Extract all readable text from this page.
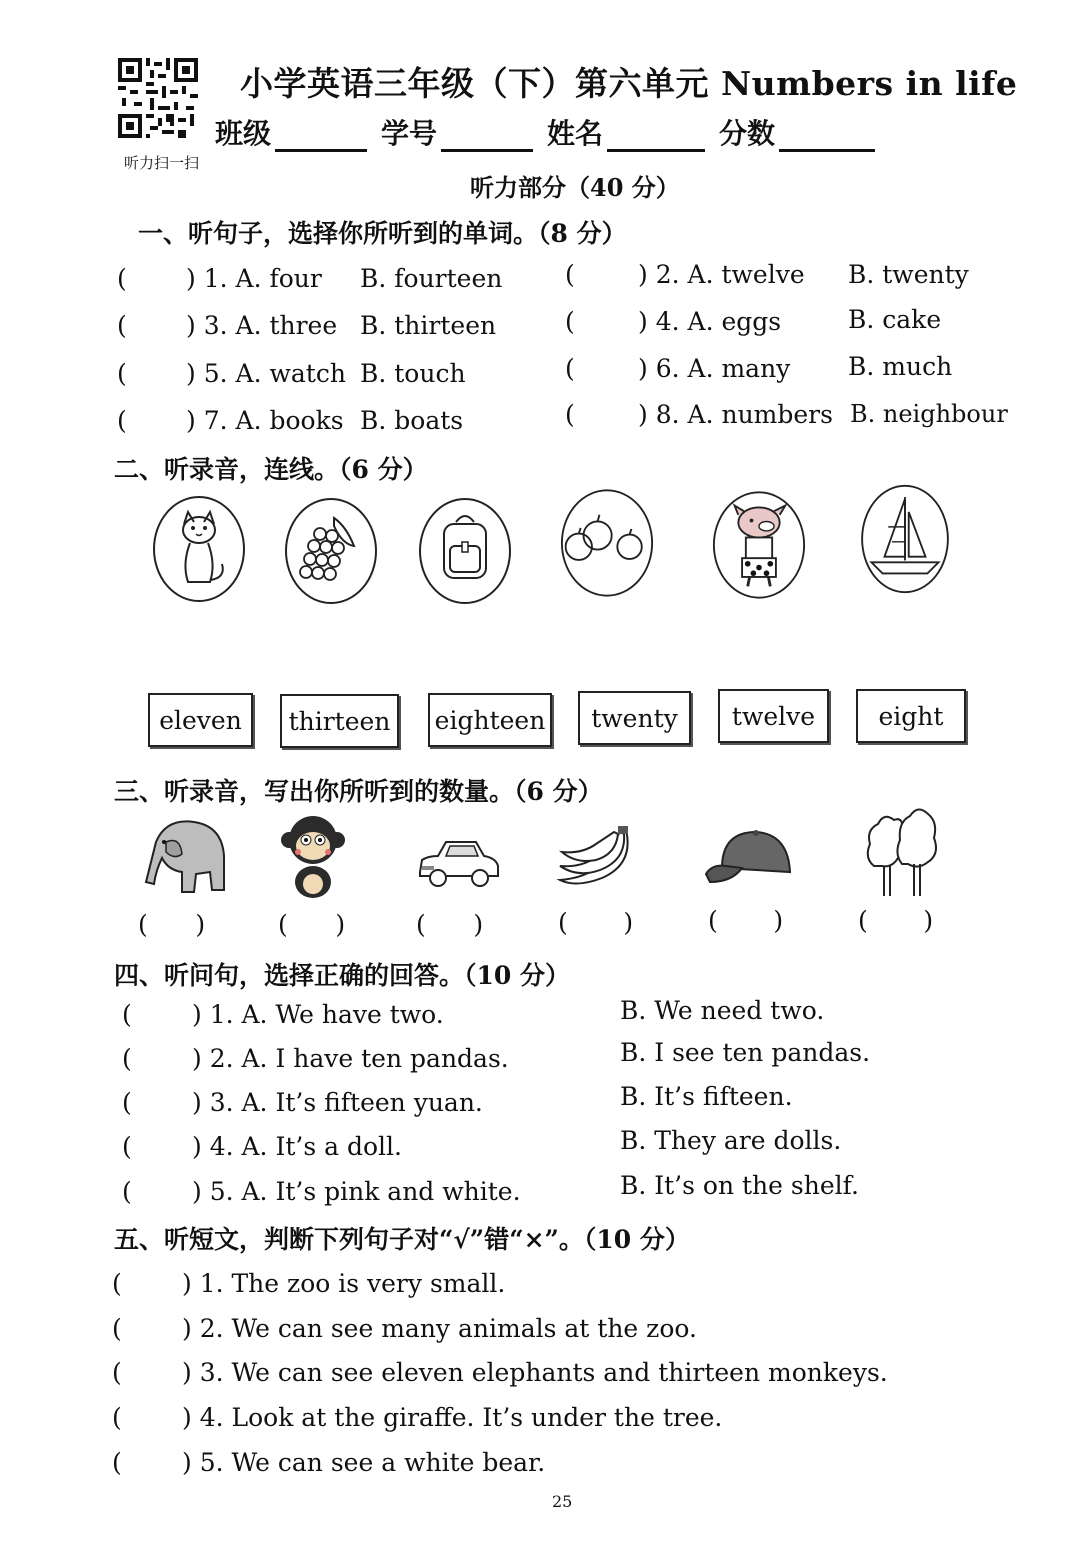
听力扫一扫
小学英语三年级（下）第六单元 Numbers in life
班级	学号	姓名	分数
听力部分（40 分）
一、听句子，选择你所听到的单词。（8 分）
( ) 1. A. four B. fourteen	(	) 2. A. twelve B. twenty
( ) 3. A. three B. thirteen	(	) 4. A. eggs	B. cake
( ) 5. A. watch B. touch	(	) 6. A. many B. much
( ) 7. A. books B. boats	(	) 8. A. numbers B. neighbour
二、听录音，连线。（6 分）
eleven	thirteen	eighteen	twenty	twelve	eight
三、听录音，写出你所听到的数量。（6 分）
(      )	(      )	(      )	(       )	(       )	(       )
四、听问句，选择正确的回答。（10 分）
( ) 1. A. We have two.	B. We need two.
( ) 2. A. I have ten pandas.	B. I see ten pandas.
( ) 3. A. It’s fifteen yuan.	B. It’s fifteen.
( ) 4. A. It’s a doll.	B. They are dolls.
( ) 5. A. It’s pink and white.	B. It’s on the shelf.
五、听短文，判断下列句子对“√”错“×”。（10 分）
( ) 1. The zoo is very small.
( ) 2. We can see many animals at the zoo.
( ) 3. We can see eleven elephants and thirteen monkeys.
( ) 4. Look at the giraffe. It’s under the tree.
( ) 5. We can see a white bear.
25
